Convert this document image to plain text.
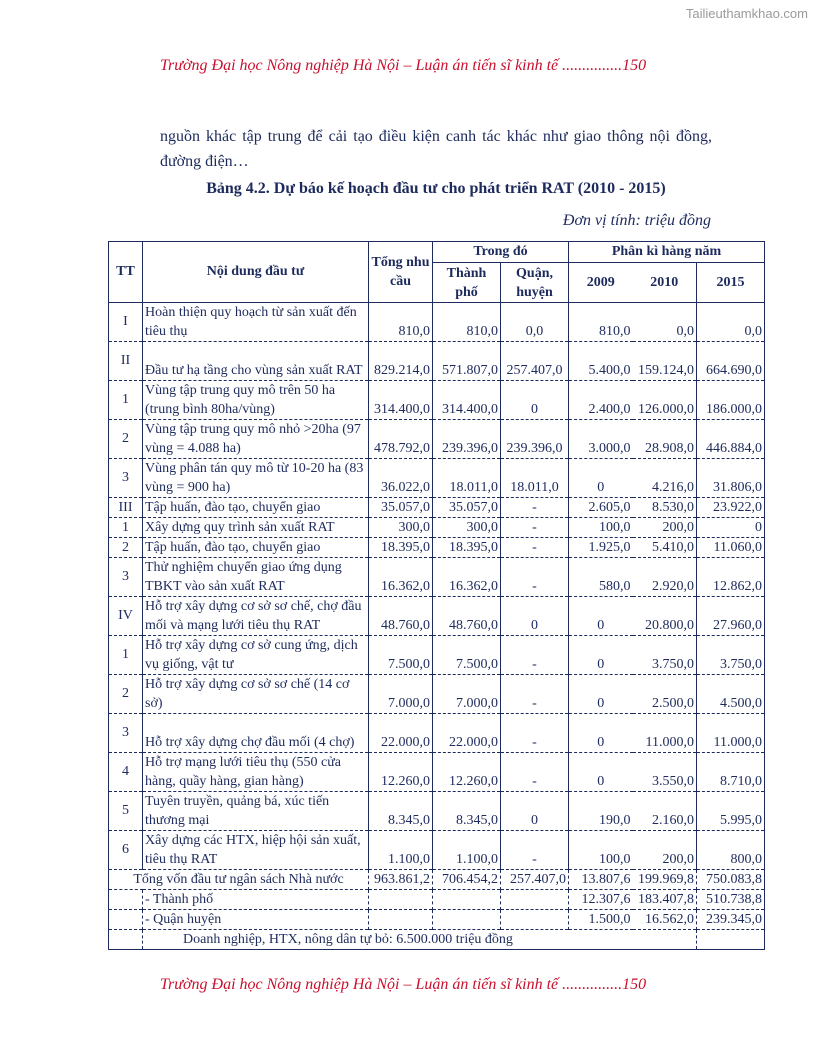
Tailieuthamkhao.com
Trường Đại học Nông nghiệp Hà Nội – Luận án tiến sĩ kinh tế ...............150
nguồn khác tập trung để cải tạo điều kiện canh tác khác như giao thông nội đồng, đường điện…
Bảng 4.2. Dự báo kế hoạch đầu tư cho phát triển RAT (2010 - 2015)
Đơn vị tính: triệu đồng
TT	Nội dung đầu tư	Tổng nhu cầu	Trong đó		Phân kì hàng năm		
			Thành phố	Quận, huyện	2009	2010	2015
I	Hoàn thiện quy hoạch từ sản xuất đến tiêu thụ	810,0	810,0	0,0	810,0	0,0	0,0
II	Đầu tư hạ tầng cho vùng sản xuất RAT	829.214,0	571.807,0	257.407,0	5.400,0	159.124,0	664.690,0
1	Vùng tập trung quy mô trên 50 ha (trung bình 80ha/vùng)	314.400,0	314.400,0	0	2.400,0	126.000,0	186.000,0
2	Vùng tập trung quy mô nhỏ >20ha (97 vùng = 4.088 ha)	478.792,0	239.396,0	239.396,0	3.000,0	28.908,0	446.884,0
3	Vùng phân tán quy mô từ 10-20 ha (83 vùng = 900 ha)	36.022,0	18.011,0	18.011,0	0	4.216,0	31.806,0
III	Tập huấn, đào tạo, chuyển giao	35.057,0	35.057,0	-	2.605,0	8.530,0	23.922,0
1	Xây dựng quy trình sản xuất RAT	300,0	300,0	-	100,0	200,0	0
2	Tập huấn, đào tạo, chuyển giao	18.395,0	18.395,0	-	1.925,0	5.410,0	11.060,0
3	Thử nghiệm chuyển giao ứng dụng TBKT vào sản xuất RAT	16.362,0	16.362,0	-	580,0	2.920,0	12.862,0
IV	Hỗ trợ xây dựng cơ sở sơ chế, chợ đầu mối và mạng lưới tiêu thụ RAT	48.760,0	48.760,0	0	0	20.800,0	27.960,0
1	Hỗ trợ xây dựng cơ sở cung ứng, dịch vụ giống, vật tư	7.500,0	7.500,0	-	0	3.750,0	3.750,0
2	Hỗ trợ xây dựng cơ sở sơ chế (14 cơ sở)	7.000,0	7.000,0	-	0	2.500,0	4.500,0
3	Hỗ trợ xây dựng chợ đầu mối (4 chợ)	22.000,0	22.000,0	-	0	11.000,0	11.000,0
4	Hỗ trợ mạng lưới tiêu thụ (550 cửa hàng, quầy hàng, gian hàng)	12.260,0	12.260,0	-	0	3.550,0	8.710,0
5	Tuyên truyền, quảng bá, xúc tiến thương mại	8.345,0	8.345,0	0	190,0	2.160,0	5.995,0
6	Xây dựng các HTX, hiệp hội sản xuất, tiêu thụ RAT	1.100,0	1.100,0	-	100,0	200,0	800,0
Tổng vốn đầu tư ngân sách Nhà nước		963.861,2	706.454,2	257.407,0	13.807,6	199.969,8	750.083,8
	- Thành phố				12.307,6	183.407,8	510.738,8
	- Quận huyện				1.500,0	16.562,0	239.345,0
	Doanh nghiệp, HTX, nông dân tự bỏ: 6.500.000 triệu đồng						
Trường Đại học Nông nghiệp Hà Nội – Luận án tiến sĩ kinh tế ...............150
